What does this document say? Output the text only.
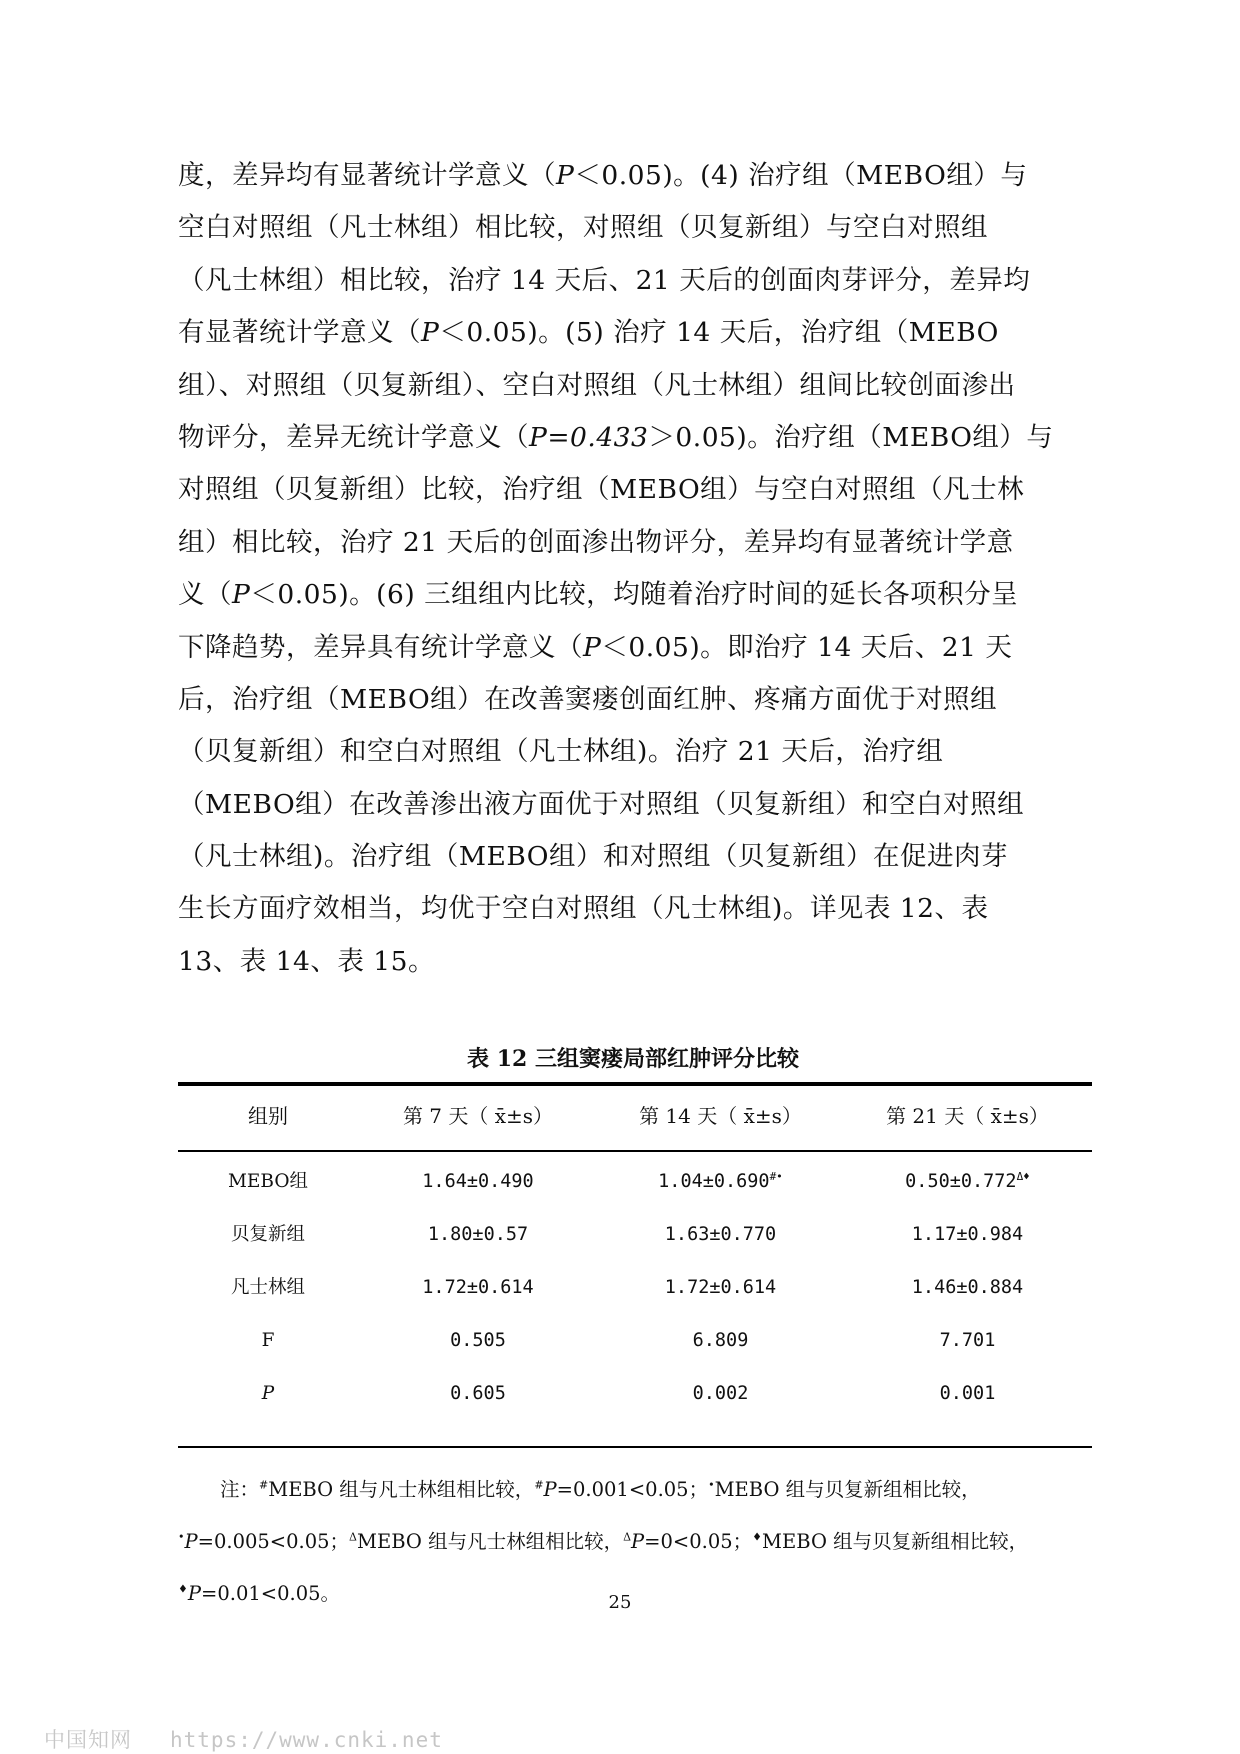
度，差异均有显著统计学意义（P＜0.05)。(4) 治疗组（MEBO组）与
空白对照组（凡士林组）相比较，对照组（贝复新组）与空白对照组
（凡士林组）相比较，治疗 14 天后、21 天后的创面肉芽评分，差异均
有显著统计学意义（P＜0.05)。(5) 治疗 14 天后，治疗组（MEBO
组）、对照组（贝复新组）、空白对照组（凡士林组）组间比较创面渗出
物评分，差异无统计学意义（P=0.433＞0.05)。治疗组（MEBO组）与
对照组（贝复新组）比较，治疗组（MEBO组）与空白对照组（凡士林
组）相比较，治疗 21 天后的创面渗出物评分，差异均有显著统计学意
义（P＜0.05)。(6) 三组组内比较，均随着治疗时间的延长各项积分呈
下降趋势，差异具有统计学意义（P＜0.05)。即治疗 14 天后、21 天
后，治疗组（MEBO组）在改善窦瘘创面红肿、疼痛方面优于对照组
（贝复新组）和空白对照组（凡士林组)。治疗 21 天后，治疗组
（MEBO组）在改善渗出液方面优于对照组（贝复新组）和空白对照组
（凡士林组)。治疗组（MEBO组）和对照组（贝复新组）在促进肉芽
生长方面疗效相当，均优于空白对照组（凡士林组)。详见表 12、表
13、表 14、表 15。
表 12 三组窦瘘局部红肿评分比较
组别	第 7 天（ x̄±s）	第 14 天（ x̄±s）	第 21 天（ x̄±s）
MEBO组	1.64±0.490	1.04±0.690#•	$0.50\pm 0.772^{\Delta♦}$
贝复新组	1.80±0.57	1.63±0.770	1.17±0.984
凡士林组	1.72±0.614	1.72±0.614	1.46±0.884
F	0.505	6.809	7.701
P	0.605	0.002	0.001
注：#MEBO 组与凡士林组相比较，#P=0.001<0.05；•MEBO 组与贝复新组相比较，
•P=0.005<0.05；$^\Delta$MEBO 组与凡士林组相比较，$^\Delta$P=0<0.05；♦MEBO 组与贝复新组相比较，
♦P=0.01<0.05。	25
中国知网 https://www.cnki.net
